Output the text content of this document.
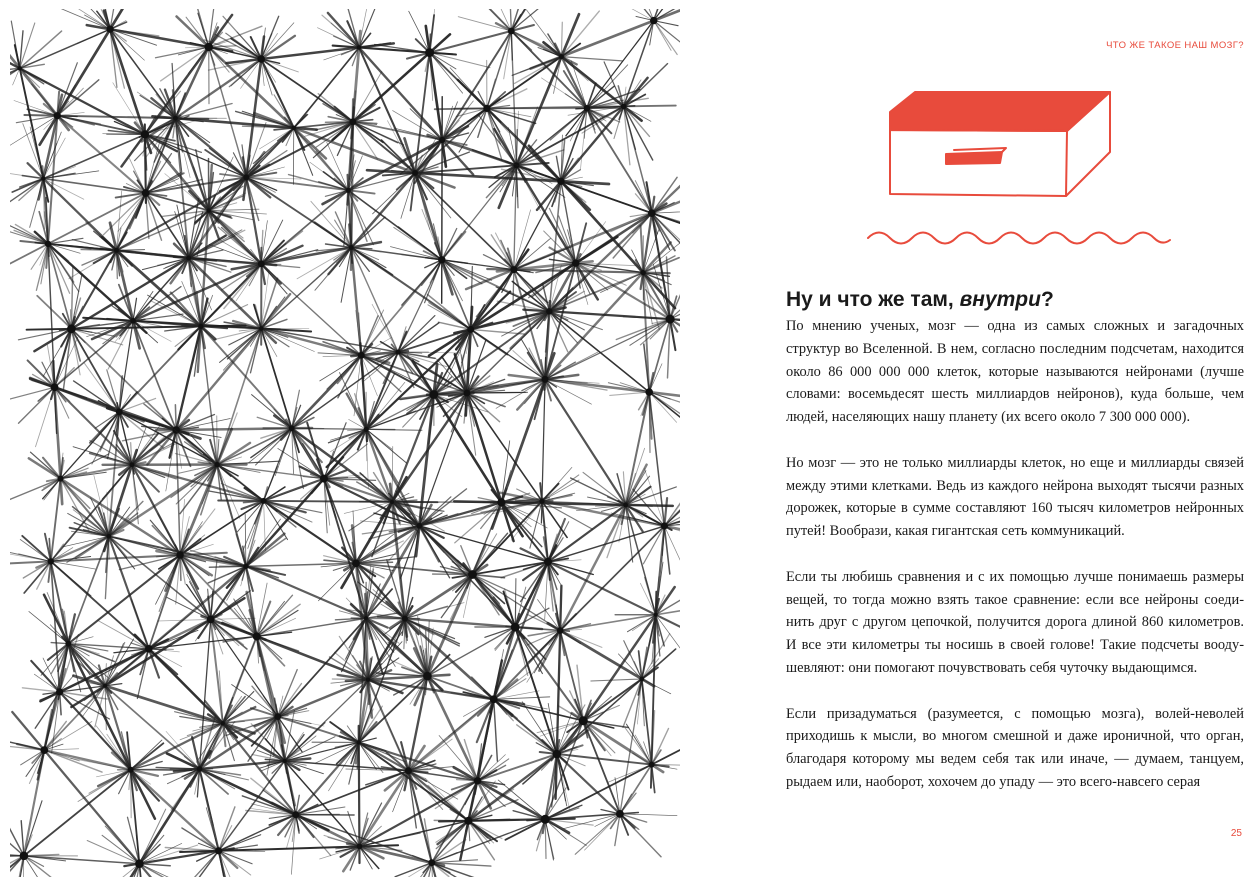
ЧТО ЖЕ ТАКОЕ НАШ МОЗГ?
Ну и что же там, внутри?

По мнению ученых, мозг — одна из самых сложных и загадочных структур во Вселенной. В нем, согласно последним подсчетам, находится около 86 000 000 000 клеток, которые называются нейронами (лучше словами: восемьдесят шесть миллиардов нейронов), куда больше, чем людей, населяющих нашу планету (их всего около 7 300 000 000).

Но мозг — это не только миллиарды клеток, но еще и миллиарды связей между этими клетками. Ведь из каждого нейрона выходят тысячи разных дорожек, которые в сумме составляют 160 тысяч километров нейронных путей! Вообрази, какая гигантская сеть коммуникаций.

Если ты любишь сравнения и с их помощью лучше понимаешь размеры вещей, то тогда можно взять такое сравнение: если все нейроны соединить друг с другом цепочкой, получится дорога длиной 860 километров. И все эти километры ты носишь в своей голове! Такие подсчеты воодушевляют: они помогают почувствовать себя чуточку выдающимся.

Если призадуматься (разумеется, с помощью мозга), волей-неволей приходишь к мысли, во многом смешной и даже ироничной, что орган, благодаря которому мы ведем себя так или иначе, — думаем, танцуем, рыдаем или, наоборот, хохочем до упаду — это всего-навсего серая

25
